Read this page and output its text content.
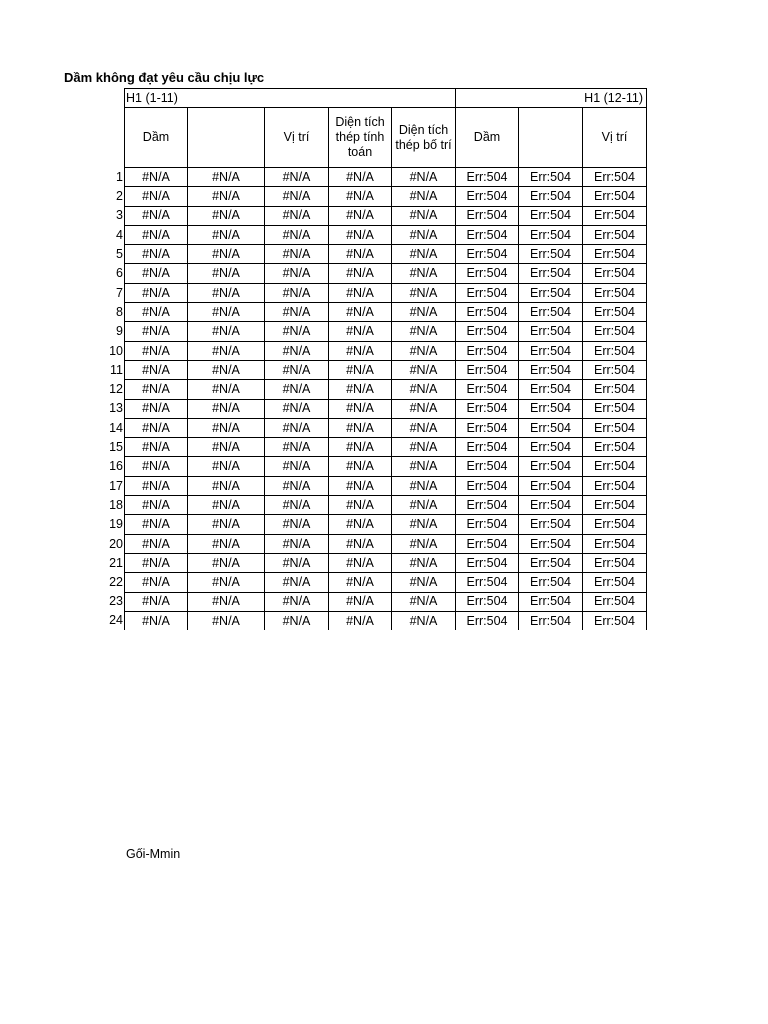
Dầm không đạt yêu cầu chịu lực
	H1 (1-11)					H1 (12-11)		
	Dầm		Vị trí	Diện tích thép tính toán	Diện tích thép bố trí	Dầm		Vị trí
1	#N/A	#N/A	#N/A	#N/A	#N/A	Err:504	Err:504	Err:504
2	#N/A	#N/A	#N/A	#N/A	#N/A	Err:504	Err:504	Err:504
3	#N/A	#N/A	#N/A	#N/A	#N/A	Err:504	Err:504	Err:504
4	#N/A	#N/A	#N/A	#N/A	#N/A	Err:504	Err:504	Err:504
5	#N/A	#N/A	#N/A	#N/A	#N/A	Err:504	Err:504	Err:504
6	#N/A	#N/A	#N/A	#N/A	#N/A	Err:504	Err:504	Err:504
7	#N/A	#N/A	#N/A	#N/A	#N/A	Err:504	Err:504	Err:504
8	#N/A	#N/A	#N/A	#N/A	#N/A	Err:504	Err:504	Err:504
9	#N/A	#N/A	#N/A	#N/A	#N/A	Err:504	Err:504	Err:504
10	#N/A	#N/A	#N/A	#N/A	#N/A	Err:504	Err:504	Err:504
11	#N/A	#N/A	#N/A	#N/A	#N/A	Err:504	Err:504	Err:504
12	#N/A	#N/A	#N/A	#N/A	#N/A	Err:504	Err:504	Err:504
13	#N/A	#N/A	#N/A	#N/A	#N/A	Err:504	Err:504	Err:504
14	#N/A	#N/A	#N/A	#N/A	#N/A	Err:504	Err:504	Err:504
15	#N/A	#N/A	#N/A	#N/A	#N/A	Err:504	Err:504	Err:504
16	#N/A	#N/A	#N/A	#N/A	#N/A	Err:504	Err:504	Err:504
17	#N/A	#N/A	#N/A	#N/A	#N/A	Err:504	Err:504	Err:504
18	#N/A	#N/A	#N/A	#N/A	#N/A	Err:504	Err:504	Err:504
19	#N/A	#N/A	#N/A	#N/A	#N/A	Err:504	Err:504	Err:504
20	#N/A	#N/A	#N/A	#N/A	#N/A	Err:504	Err:504	Err:504
21	#N/A	#N/A	#N/A	#N/A	#N/A	Err:504	Err:504	Err:504
22	#N/A	#N/A	#N/A	#N/A	#N/A	Err:504	Err:504	Err:504
23	#N/A	#N/A	#N/A	#N/A	#N/A	Err:504	Err:504	Err:504
24	#N/A	#N/A	#N/A	#N/A	#N/A	Err:504	Err:504	Err:504
Gối-Mmin
